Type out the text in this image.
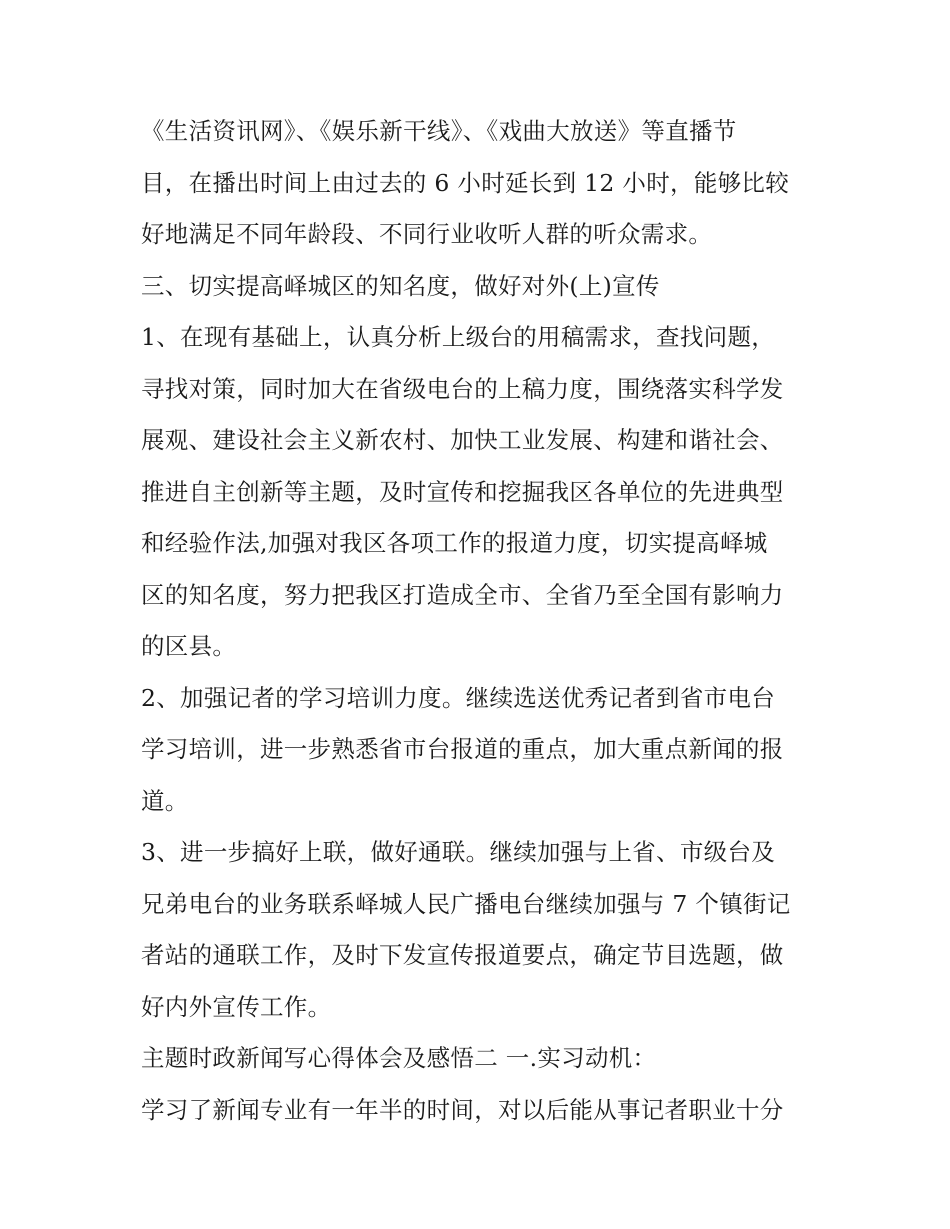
《生活资讯网》、《娱乐新干线》、《戏曲大放送》等直播节
目，在播出时间上由过去的 6 小时延长到 12 小时，能够比较
好地满足不同年龄段、不同行业收听人群的听众需求。
三、切实提高峄城区的知名度，做好对外(上)宣传
1、在现有基础上，认真分析上级台的用稿需求，查找问题，
寻找对策，同时加大在省级电台的上稿力度，围绕落实科学发
展观、建设社会主义新农村、加快工业发展、构建和谐社会、
推进自主创新等主题，及时宣传和挖掘我区各单位的先进典型
和经验作法,加强对我区各项工作的报道力度，切实提高峄城
区的知名度，努力把我区打造成全市、全省乃至全国有影响力
的区县。
2、加强记者的学习培训力度。继续选送优秀记者到省市电台
学习培训，进一步熟悉省市台报道的重点，加大重点新闻的报
道。
3、进一步搞好上联，做好通联。继续加强与上省、市级台及
兄弟电台的业务联系峄城人民广播电台继续加强与 7 个镇街记
者站的通联工作，及时下发宣传报道要点，确定节目选题，做
好内外宣传工作。
主题时政新闻写心得体会及感悟二 一.实习动机：
学习了新闻专业有一年半的时间，对以后能从事记者职业十分
